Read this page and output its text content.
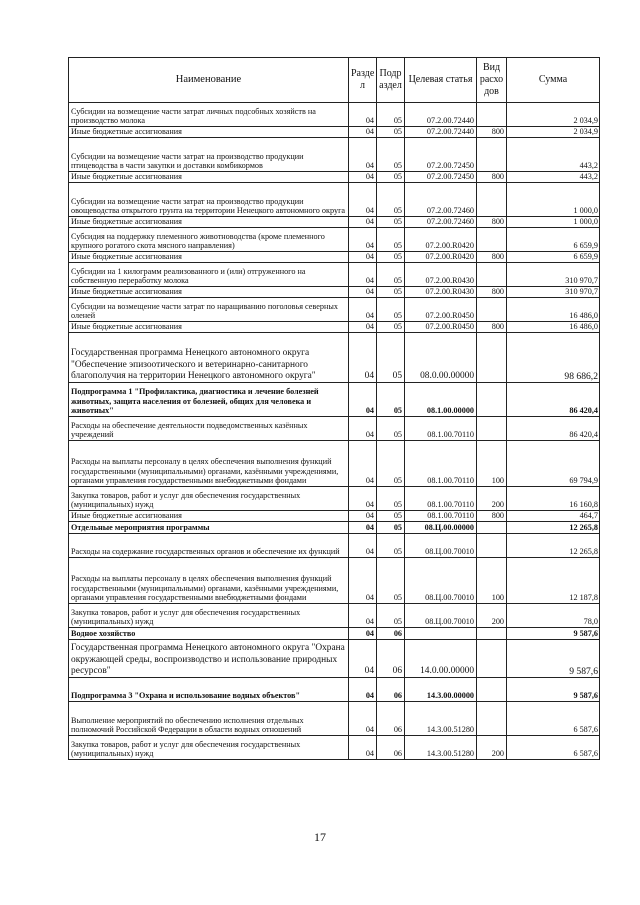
Наименование	Разде л	Подр аздел	Целевая статья	Вид расхо дов	Сумма
Субсидии на возмещение части затрат личных подсобных хозяйств на производство молока	04	05	07.2.00.72440		2 034,9
Иные бюджетные ассигнования	04	05	07.2.00.72440	800	2 034,9
Субсидии на возмещение части затрат на производство продукции птицеводства в части закупки и доставки комбикормов	04	05	07.2.00.72450		443,2
Иные бюджетные ассигнования	04	05	07.2.00.72450	800	443,2
Субсидии на возмещение части затрат на производство продукции овощеводства открытого грунта на территории Ненецкого автономного округа	04	05	07.2.00.72460		1 000,0
Иные бюджетные ассигнования	04	05	07.2.00.72460	800	1 000,0
Субсидия на поддержку племенного животноводства (кроме племенного крупного рогатого скота мясного направления)	04	05	07.2.00.R0420		6 659,9
Иные бюджетные ассигнования	04	05	07.2.00.R0420	800	6 659,9
Субсидии на 1 килограмм реализованного и (или) отгруженного на собственную переработку молока	04	05	07.2.00.R0430		310 970,7
Иные бюджетные ассигнования	04	05	07.2.00.R0430	800	310 970,7
Субсидии на возмещение части затрат по наращиванию поголовья северных оленей	04	05	07.2.00.R0450		16 486,0
Иные бюджетные ассигнования	04	05	07.2.00.R0450	800	16 486,0
Государственная программа Ненецкого автономного округа "Обеспечение эпизоотического и ветеринарно-санитарного благополучия на территории Ненецкого автономного округа"	04	05	08.0.00.00000		98 686,2
Подпрограмма 1 "Профилактика, диагностика и лечение болезней животных, защита населения от болезней, общих для человека и животных"	04	05	08.1.00.00000		86 420,4
Расходы на обеспечение деятельности подведомственных казённых учреждений	04	05	08.1.00.70110		86 420,4
Расходы на выплаты персоналу в целях обеспечения выполнения функций государственными (муниципальными) органами, казёнными учреждениями, органами управления государственными внебюджетными фондами	04	05	08.1.00.70110	100	69 794,9
Закупка товаров, работ и услуг для обеспечения государственных (муниципальных) нужд	04	05	08.1.00.70110	200	16 160,8
Иные бюджетные ассигнования	04	05	08.1.00.70110	800	464,7
Отдельные мероприятия программы	04	05	08.Ц.00.00000		12 265,8
Расходы на содержание государственных органов и обеспечение их функций	04	05	08.Ц.00.70010		12 265,8
Расходы на выплаты персоналу в целях обеспечения выполнения функций государственными (муниципальными) органами, казёнными учреждениями, органами управления государственными внебюджетными фондами	04	05	08.Ц.00.70010	100	12 187,8
Закупка товаров, работ и услуг для обеспечения государственных (муниципальных) нужд	04	05	08.Ц.00.70010	200	78,0
Водное хозяйство	04	06			9 587,6
Государственная программа Ненецкого автономного округа "Охрана окружающей среды, воспроизводство и использование природных ресурсов"	04	06	14.0.00.00000		9 587,6
Подпрограмма 3 "Охрана и использование водных объектов"	04	06	14.3.00.00000		9 587,6
Выполнение мероприятий по обеспечению исполнения отдельных полномочий Российской Федерации в области водных отношений	04	06	14.3.00.51280		6 587,6
Закупка товаров, работ и услуг для обеспечения государственных (муниципальных) нужд	04	06	14.3.00.51280	200	6 587,6
17
